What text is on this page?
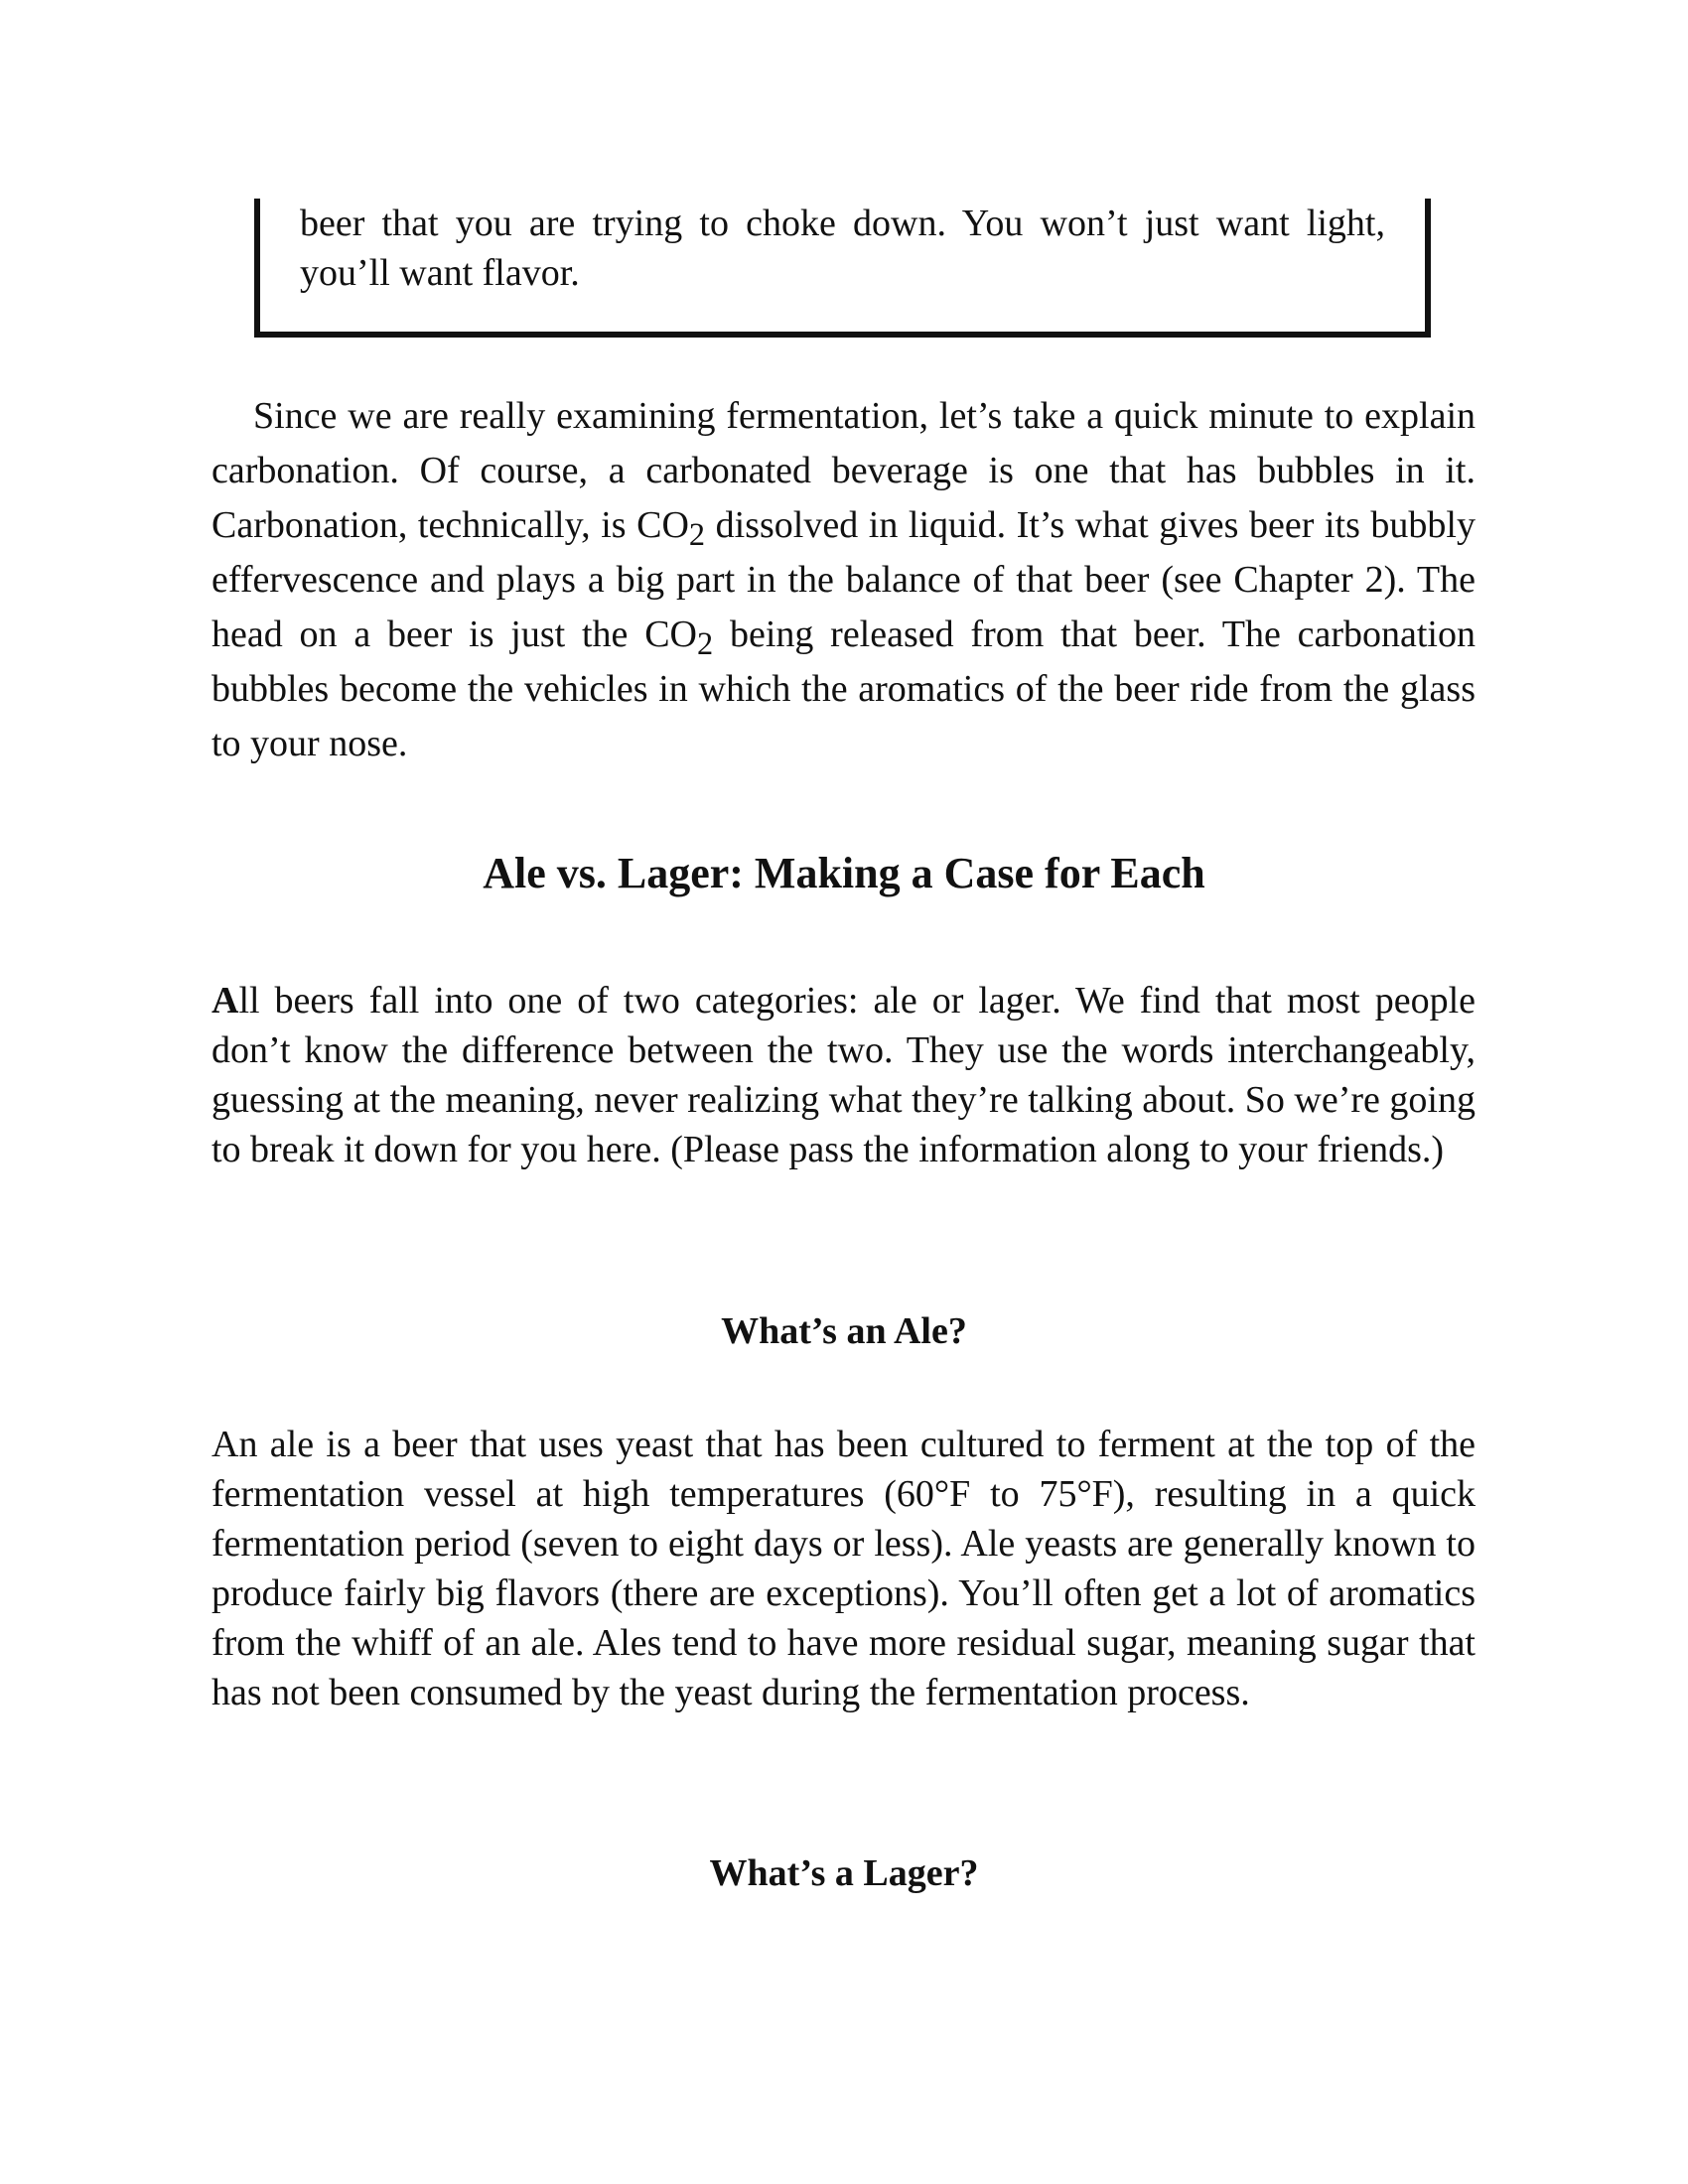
beer that you are trying to choke down. You won’t just want light, you’ll want flavor.

Since we are really examining fermentation, let’s take a quick minute to explain carbonation. Of course, a carbonated beverage is one that has bubbles in it. Carbonation, technically, is $CO_2$ dissolved in liquid. It’s what gives beer its bubbly effervescence and plays a big part in the balance of that beer (see Chapter 2). The head on a beer is just the $CO_2$ being released from that beer. The carbonation bubbles become the vehicles in which the aromatics of the beer ride from the glass to your nose.

Ale vs. Lager: Making a Case for Each

All beers fall into one of two categories: ale or lager. We find that most people don’t know the difference between the two. They use the words interchangeably, guessing at the meaning, never realizing what they’re talking about. So we’re going to break it down for you here. (Please pass the information along to your friends.)

What’s an Ale?

An ale is a beer that uses yeast that has been cultured to ferment at the top of the fermentation vessel at high temperatures (60°F to 75°F), resulting in a quick fermentation period (seven to eight days or less). Ale yeasts are generally known to produce fairly big flavors (there are exceptions). You’ll often get a lot of aromatics from the whiff of an ale. Ales tend to have more residual sugar, meaning sugar that has not been consumed by the yeast during the fermentation process.

What’s a Lager?
